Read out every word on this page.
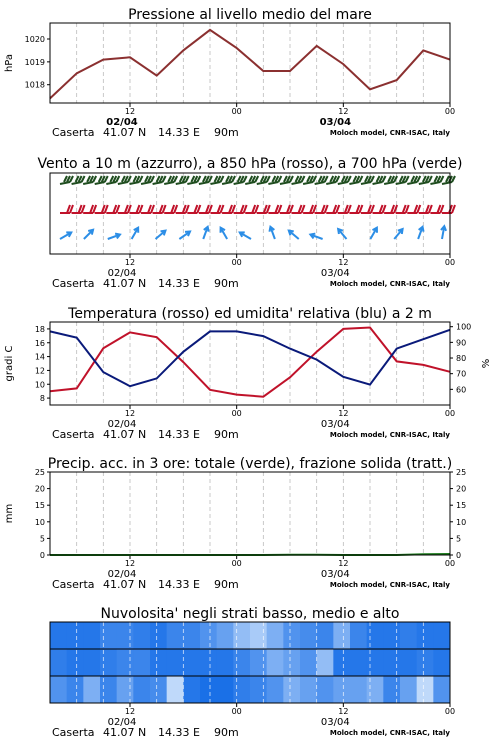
Pressione al livello medio del mare
12	00	12	00
02/04	03/04
Caserta 41.07 N 14.33 E 90m	Moloch model, CNR-ISAC, Italy
1018
1019
1020
hPa
Vento a 10 m (azzurro), a 850 hPa (rosso), a 700 hPa (verde)
12	00	12	00
02/04	03/04
Caserta 41.07 N 14.33 E 90m	Moloch model, CNR-ISAC, Italy
Temperatura (rosso) ed umidita' relativa (blu) a 2 m
12	00	12	00
02/04	03/04
Caserta 41.07 N 14.33 E 90m	Moloch model, CNR-ISAC, Italy
8
10
12
14
16
18
60
70
80
90
100
gradi C	%
Precip. acc. in 3 ore: totale (verde), frazione solida (tratt.)
12	00	12	00
02/04	03/04
Caserta 41.07 N 14.33 E 90m	Moloch model, CNR-ISAC, Italy
0
5
10
15
20
25
0
5
10
15
20
25
mm
Nuvolosita' negli strati basso, medio e alto
12	00	12	00
02/04	03/04
Caserta 41.07 N 14.33 E 90m	Moloch model, CNR-ISAC, Italy
